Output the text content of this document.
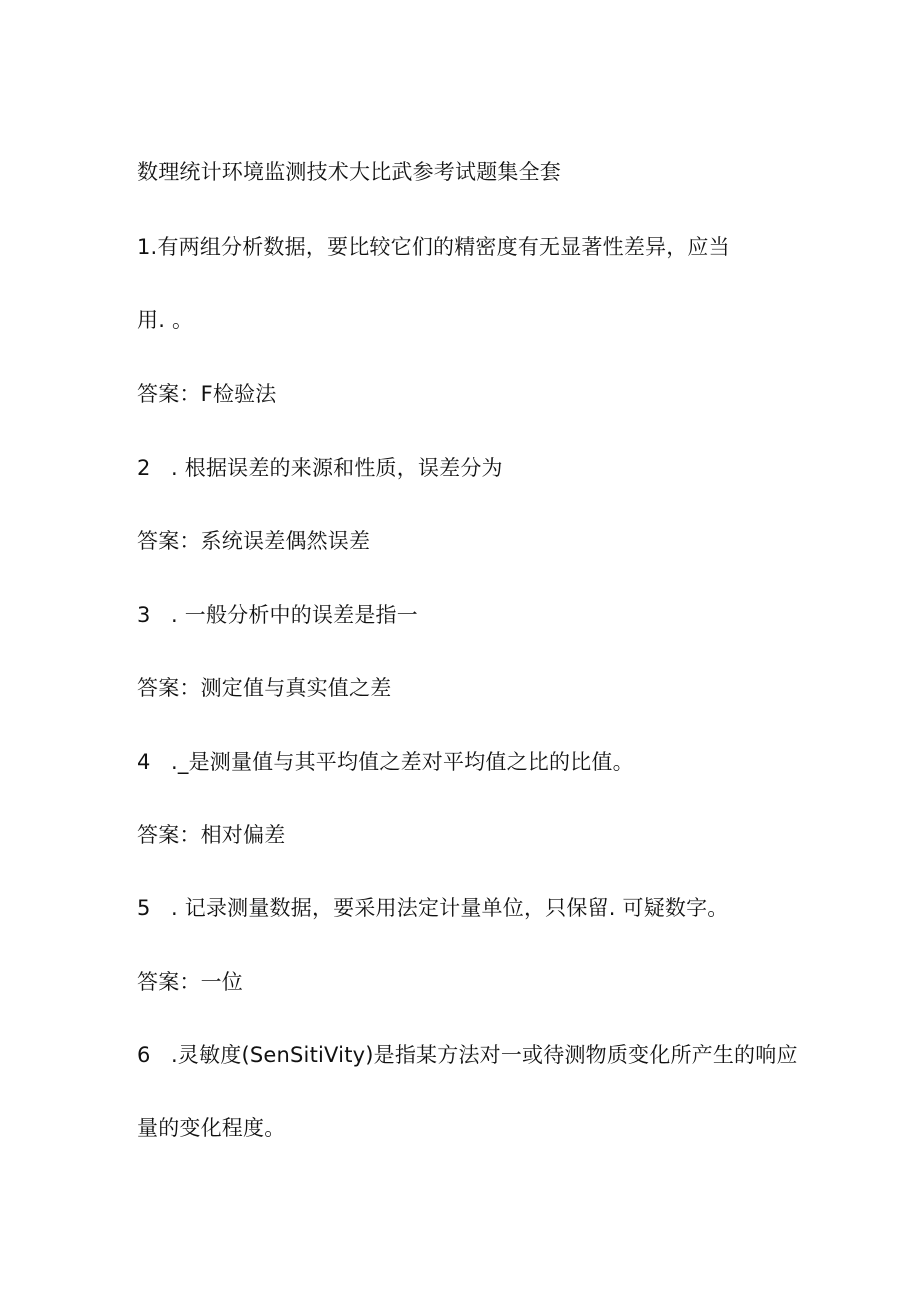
数理统计环境监测技术大比武参考试题集全套
1.有两组分析数据，要比较它们的精密度有无显著性差异，应当
用. 。
答案：F检验法
2 . 根据误差的来源和性质，误差分为
答案：系统误差偶然误差
3 . 一般分析中的误差是指一
答案：测定值与真实值之差
4 ._是测量值与其平均值之差对平均值之比的比值。
答案：相对偏差
5 . 记录测量数据，要采用法定计量单位，只保留. 可疑数字。
答案：一位
6 .灵敏度(SenSitiVity)是指某方法对一或待测物质变化所产生的响应
量的变化程度。
